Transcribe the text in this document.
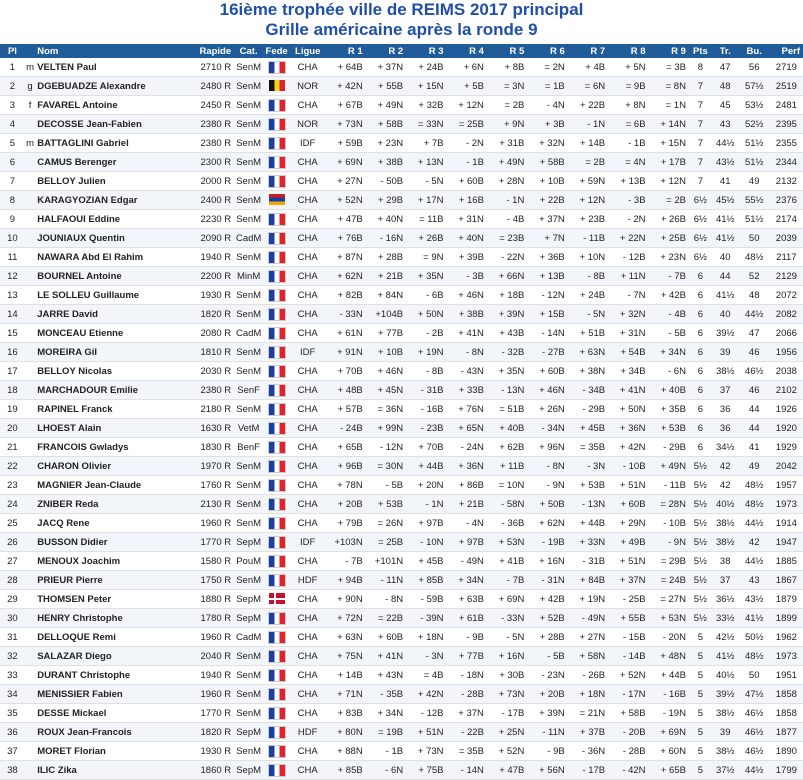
16ième trophée ville de REIMS 2017 principal
Grille américaine après la ronde 9
Pl		Nom	Rapide	Cat.	Fede	Ligue	R 1	R 2	R 3	R 4	R 5	R 6	R 7	R 8	R 9	Pts	Tr.	Bu.	Perf
1	m	VELTEN Paul	2710 R	SenM		CHA	+ 64B	+ 37N	+ 24B	+ 6N	+ 8B	= 2N	+ 4B	+ 5N	= 3B	8	47	56	2719
2	g	DGEBUADZE Alexandre	2480 R	SenM		NOR	+ 42N	+ 55B	+ 15N	+ 5B	= 3N	= 1B	= 6N	= 9B	= 8N	7	48	57½	2519
3	f	FAVAREL Antoine	2450 R	SenM		CHA	+ 67B	+ 49N	+ 32B	+ 12N	= 2B	- 4N	+ 22B	+ 8N	= 1N	7	45	53½	2481
4		DECOSSE Jean-Fabien	2380 R	SenM		NOR	+ 73N	+ 58B	= 33N	= 25B	+ 9N	+ 3B	- 1N	= 6B	+ 14N	7	43	52½	2395
5	m	BATTAGLINI Gabriel	2380 R	SenM		IDF	+ 59B	+ 23N	+ 7B	- 2N	+ 31B	+ 32N	+ 14B	- 1B	+ 15N	7	44½	51½	2355
6		CAMUS Berenger	2300 R	SenM		CHA	+ 69N	+ 38B	+ 13N	- 1B	+ 49N	+ 58B	= 2B	= 4N	+ 17B	7	43½	51½	2344
7		BELLOY Julien	2000 R	SenM		CHA	+ 27N	- 50B	- 5N	+ 60B	+ 28N	+ 10B	+ 59N	+ 13B	+ 12N	7	41	49	2132
8		KARAGYOZIAN Edgar	2400 R	SenM		CHA	+ 52N	+ 29B	+ 17N	+ 16B	- 1N	+ 22B	+ 12N	- 3B	= 2B	6½	45½	55½	2376
9		HALFAOUI Eddine	2230 R	SenM		CHA	+ 47B	+ 40N	= 11B	+ 31N	- 4B	+ 37N	+ 23B	- 2N	+ 26B	6½	41½	51½	2174
10		JOUNIAUX Quentin	2090 R	CadM		CHA	+ 76B	- 16N	+ 26B	+ 40N	= 23B	+ 7N	- 11B	+ 22N	+ 25B	6½	41½	50	2039
11		NAWARA Abd El Rahim	1940 R	SenM		CHA	+ 87N	+ 28B	= 9N	+ 39B	- 22N	+ 36B	+ 10N	- 12B	+ 23N	6½	40	48½	2117
12		BOURNEL Antoine	2200 R	MinM		CHA	+ 62N	+ 21B	+ 35N	- 3B	+ 66N	+ 13B	- 8B	+ 11N	- 7B	6	44	52	2129
13		LE SOLLEU Guillaume	1930 R	SenM		CHA	+ 82B	+ 84N	- 6B	+ 46N	+ 18B	- 12N	+ 24B	- 7N	+ 42B	6	41½	48	2072
14		JARRE David	1820 R	SenM		CHA	- 33N	+104B	+ 50N	+ 38B	+ 39N	+ 15B	- 5N	+ 32N	- 4B	6	40	44½	2082
15		MONCEAU Etienne	2080 R	CadM		CHA	+ 61N	+ 77B	- 2B	+ 41N	+ 43B	- 14N	+ 51B	+ 31N	- 5B	6	39½	47	2066
16		MOREIRA Gil	1810 R	SenM		IDF	+ 91N	+ 10B	+ 19N	- 8N	- 32B	- 27B	+ 63N	+ 54B	+ 34N	6	39	46	1956
17		BELLOY Nicolas	2030 R	SenM		CHA	+ 70B	+ 46N	- 8B	- 43N	+ 35N	+ 60B	+ 38N	+ 34B	- 6N	6	38½	46½	2038
18		MARCHADOUR Emilie	2380 R	SenF		CHA	+ 48B	+ 45N	- 31B	+ 33B	- 13N	+ 46N	- 34B	+ 41N	+ 40B	6	37	46	2102
19		RAPINEL Franck	2180 R	SenM		CHA	+ 57B	= 36N	- 16B	+ 76N	= 51B	+ 26N	- 29B	+ 50N	+ 35B	6	36	44	1926
20		LHOEST Alain	1630 R	VetM		CHA	- 24B	+ 99N	- 23B	+ 65N	+ 40B	- 34N	+ 45B	+ 36N	+ 53B	6	36	44	1920
21		FRANCOIS Gwladys	1830 R	BenF		CHA	+ 65B	- 12N	+ 70B	- 24N	+ 62B	+ 96N	= 35B	+ 42N	- 29B	6	34½	41	1929
22		CHARON Olivier	1970 R	SenM		CHA	+ 96B	= 30N	+ 44B	+ 36N	+ 11B	- 8N	- 3N	- 10B	+ 49N	5½	42	49	2042
23		MAGNIER Jean-Claude	1760 R	SenM		CHA	+ 78N	- 5B	+ 20N	+ 86B	= 10N	- 9N	+ 53B	+ 51N	- 11B	5½	42	48½	1957
24		ZNIBER Reda	2130 R	SenM		CHA	+ 20B	+ 53B	- 1N	+ 21B	- 58N	+ 50B	- 13N	+ 60B	= 28N	5½	40½	48½	1973
25		JACQ Rene	1960 R	SenM		CHA	+ 79B	= 26N	+ 97B	- 4N	- 36B	+ 62N	+ 44B	+ 29N	- 10B	5½	38½	44½	1914
26		BUSSON Didier	1770 R	SepM		IDF	+103N	= 25B	- 10N	+ 97B	+ 53N	- 19B	+ 33N	+ 49B	- 9N	5½	38½	42	1947
27		MENOUX Joachim	1580 R	PouM		CHA	- 7B	+101N	+ 45B	- 49N	+ 41B	+ 16N	- 31B	+ 51N	= 29B	5½	38	44½	1885
28		PRIEUR Pierre	1750 R	SenM		HDF	+ 94B	- 11N	+ 85B	+ 34N	- 7B	- 31N	+ 84B	+ 37N	= 24B	5½	37	43	1867
29		THOMSEN Peter	1880 R	SepM		CHA	+ 90N	- 8N	- 59B	+ 63B	+ 69N	+ 42B	+ 19N	- 25B	= 27N	5½	36½	43½	1879
30		HENRY Christophe	1780 R	SepM		CHA	+ 72N	= 22B	- 39N	+ 61B	- 33N	+ 52B	- 49N	+ 55B	+ 53N	5½	33½	41½	1899
31		DELLOQUE Remi	1960 R	CadM		CHA	+ 63N	+ 60B	+ 18N	- 9B	- 5N	+ 28B	+ 27N	- 15B	- 20N	5	42½	50½	1962
32		SALAZAR Diego	2040 R	SenM		CHA	+ 75N	+ 41N	- 3N	+ 77B	+ 16N	- 5B	+ 58N	- 14B	+ 48N	5	41½	48½	1973
33		DURANT Christophe	1940 R	SenM		CHA	+ 14B	+ 43N	= 4B	- 18N	+ 30B	- 23N	- 26B	+ 52N	+ 44B	5	40½	50	1951
34		MENISSIER Fabien	1960 R	SenM		CHA	+ 71N	- 35B	+ 42N	- 28B	+ 73N	+ 20B	+ 18N	- 17N	- 16B	5	39½	47½	1858
35		DESSE Mickael	1770 R	SenM		CHA	+ 83B	+ 34N	- 12B	+ 37N	- 17B	+ 39N	= 21N	+ 58B	- 19N	5	38½	46½	1858
36		ROUX Jean-Francois	1820 R	SepM		HDF	+ 80N	= 19B	+ 51N	- 22B	+ 25N	- 11N	+ 37B	- 20B	+ 69N	5	39	46½	1877
37		MORET Florian	1930 R	SenM		CHA	+ 88N	- 1B	+ 73N	= 35B	+ 52N	- 9B	- 36N	- 28B	+ 60N	5	38½	46½	1890
38		ILIC Zika	1860 R	SepM		CHA	+ 85B	- 6N	+ 75B	- 14N	+ 47B	+ 56N	- 17B	- 42N	+ 65B	5	37½	44½	1799
